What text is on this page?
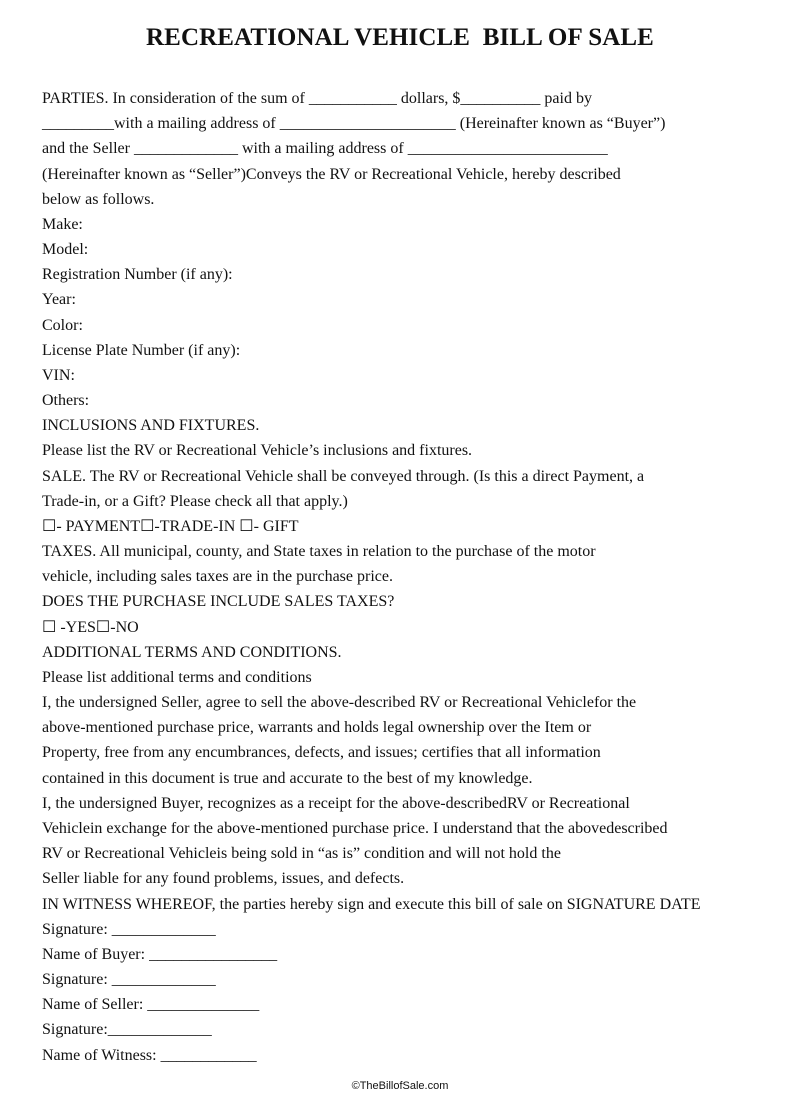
RECREATIONAL VEHICLE  BILL OF SALE
PARTIES. In consideration of the sum of ___________ dollars, $__________ paid by
_________with a mailing address of ______________________ (Hereinafter known as “Buyer”)
and the Seller _____________ with a mailing address of _________________________
(Hereinafter known as “Seller”)Conveys the RV or Recreational Vehicle, hereby described
below as follows.
Make:
Model:
Registration Number (if any):
Year:
Color:
License Plate Number (if any):
VIN:
Others:
INCLUSIONS AND FIXTURES.
Please list the RV or Recreational Vehicle’s inclusions and fixtures.
SALE. The RV or Recreational Vehicle shall be conveyed through. (Is this a direct Payment, a
Trade-in, or a Gift? Please check all that apply.)
☐- PAYMENT☐-TRADE-IN ☐- GIFT
TAXES. All municipal, county, and State taxes in relation to the purchase of the motor
vehicle, including sales taxes are in the purchase price.
DOES THE PURCHASE INCLUDE SALES TAXES?
☐ -YES☐-NO
ADDITIONAL TERMS AND CONDITIONS.
Please list additional terms and conditions
I, the undersigned Seller, agree to sell the above-described RV or Recreational Vehiclefor the
above-mentioned purchase price, warrants and holds legal ownership over the Item or
Property, free from any encumbrances, defects, and issues; certifies that all information
contained in this document is true and accurate to the best of my knowledge.
I, the undersigned Buyer, recognizes as a receipt for the above-describedRV or Recreational
Vehiclein exchange for the above-mentioned purchase price. I understand that the abovedescribed
RV or Recreational Vehicleis being sold in “as is” condition and will not hold the
Seller liable for any found problems, issues, and defects.
IN WITNESS WHEREOF, the parties hereby sign and execute this bill of sale on SIGNATURE DATE
Signature: _____________
Name of Buyer: ________________
Signature: _____________
Name of Seller: ______________
Signature:_____________
Name of Witness: ____________
©TheBillofSale.com
